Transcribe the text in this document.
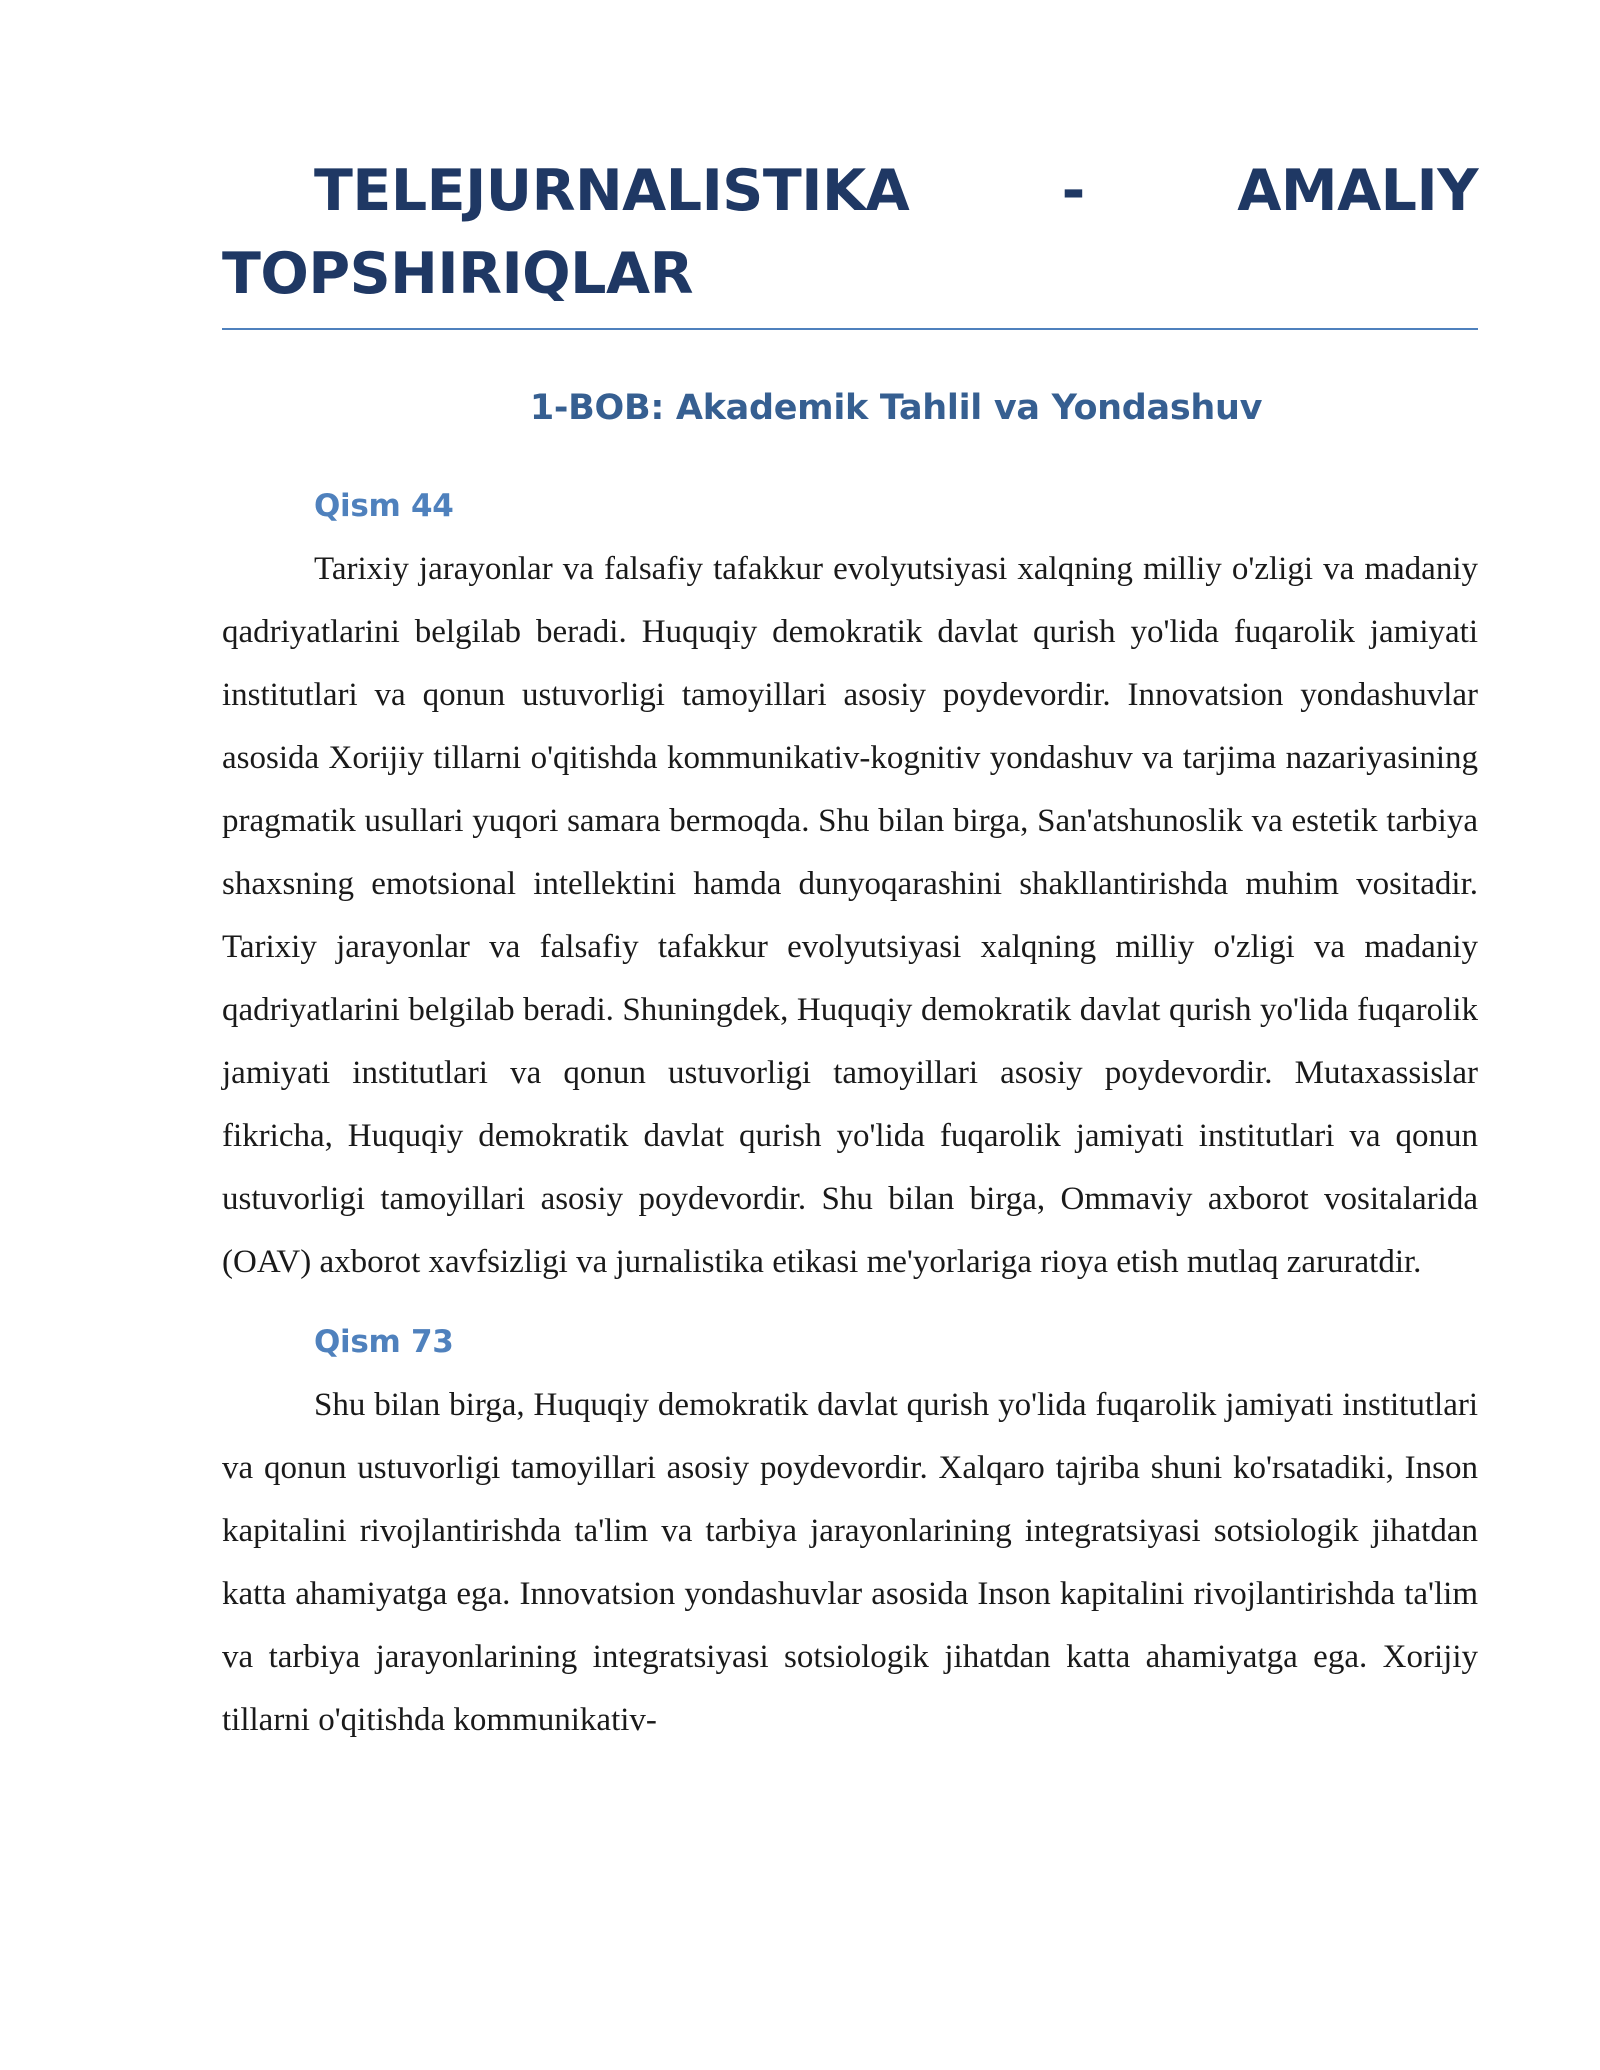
TELEJURNALISTIKA - AMALIY TOPSHIRIQLAR
1-BOB: Akademik Tahlil va Yondashuv
Qism 44

Tarixiy jarayonlar va falsafiy tafakkur evolyutsiyasi xalqning milliy o'zligi va madaniy qadriyatlarini belgilab beradi. Huquqiy demokratik davlat qurish yo'lida fuqarolik jamiyati institutlari va qonun ustuvorligi tamoyillari asosiy poydevordir. Innovatsion yondashuvlar asosida Xorijiy tillarni o'qitishda kommunikativ-kognitiv yondashuv va tarjima nazariyasining pragmatik usullari yuqori samara bermoqda. Shu bilan birga, San'atshunoslik va estetik tarbiya shaxsning emotsional intellektini hamda dunyoqarashini shakllantirishda muhim vositadir. Tarixiy jarayonlar va falsafiy tafakkur evolyutsiyasi xalqning milliy o'zligi va madaniy qadriyatlarini belgilab beradi. Shuningdek, Huquqiy demokratik davlat qurish yo'lida fuqarolik jamiyati institutlari va qonun ustuvorligi tamoyillari asosiy poydevordir. Mutaxassislar fikricha, Huquqiy demokratik davlat qurish yo'lida fuqarolik jamiyati institutlari va qonun ustuvorligi tamoyillari asosiy poydevordir. Shu bilan birga, Ommaviy axborot vositalarida (OAV) axborot xavfsizligi va jurnalistika etikasi me'yorlariga rioya etish mutlaq zaruratdir.

Qism 73

Shu bilan birga, Huquqiy demokratik davlat qurish yo'lida fuqarolik jamiyati institutlari va qonun ustuvorligi tamoyillari asosiy poydevordir. Xalqaro tajriba shuni ko'rsatadiki, Inson kapitalini rivojlantirishda ta'lim va tarbiya jarayonlarining integratsiyasi sotsiologik jihatdan katta ahamiyatga ega. Innovatsion yondashuvlar asosida Inson kapitalini rivojlantirishda ta'lim va tarbiya jarayonlarining integratsiyasi sotsiologik jihatdan katta ahamiyatga ega. Xorijiy tillarni o'qitishda kommunikativ-
